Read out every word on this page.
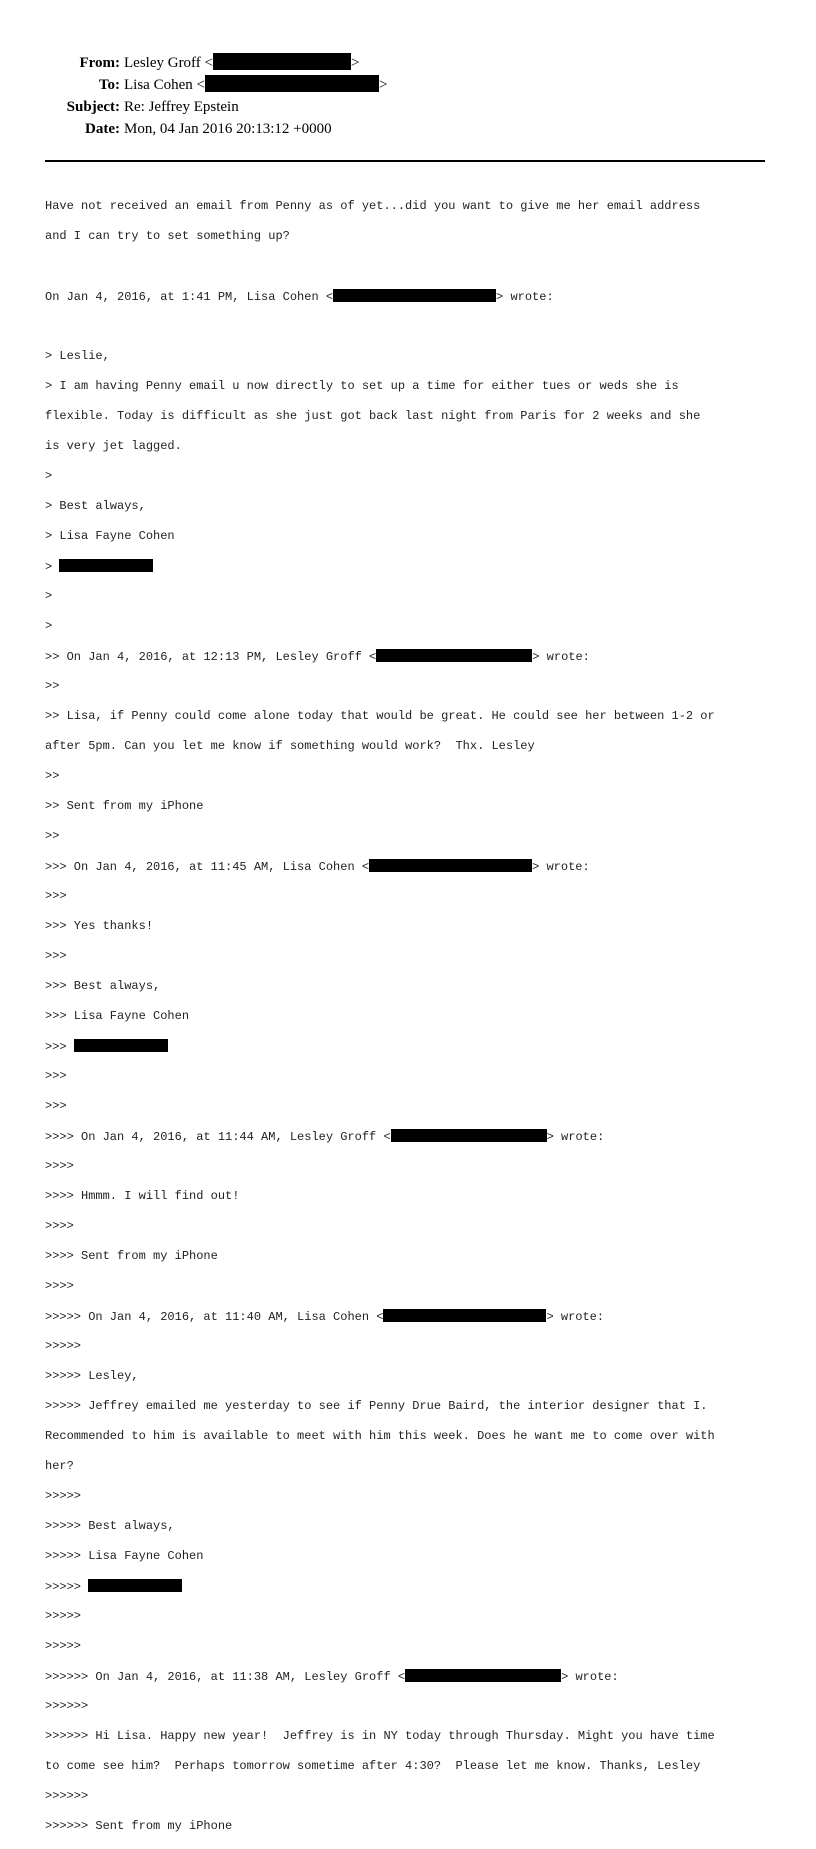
From: Lesley Groff <	>
To: Lisa Cohen <	>
Subject: Re: Jeffrey Epstein
Date: Mon, 04 Jan 2016 20:13:12 +0000

Have not received an email from Penny as of yet...did you want to give me her email address

and I can try to set something up?

On Jan 4, 2016, at 1:41 PM, Lisa Cohen <	> wrote:

> Leslie,

> I am having Penny email u now directly to set up a time for either tues or weds she is

flexible. Today is difficult as she just got back last night from Paris for 2 weeks and she

is very jet lagged.

>

> Best always,

> Lisa Fayne Cohen

>

>

>

>> On Jan 4, 2016, at 12:13 PM, Lesley Groff <	> wrote:

>>

>> Lisa, if Penny could come alone today that would be great. He could see her between 1-2 or

after 5pm. Can you let me know if something would work?  Thx. Lesley

>>

>> Sent from my iPhone

>>

>>> On Jan 4, 2016, at 11:45 AM, Lisa Cohen <	> wrote:

>>>

>>> Yes thanks!

>>>

>>> Best always,

>>> Lisa Fayne Cohen

>>>

>>>

>>>

>>>> On Jan 4, 2016, at 11:44 AM, Lesley Groff <	> wrote:

>>>>

>>>> Hmmm. I will find out!

>>>>

>>>> Sent from my iPhone

>>>>

>>>>> On Jan 4, 2016, at 11:40 AM, Lisa Cohen <	> wrote:

>>>>>

>>>>> Lesley,

>>>>> Jeffrey emailed me yesterday to see if Penny Drue Baird, the interior designer that I.

Recommended to him is available to meet with him this week. Does he want me to come over with

her?

>>>>>

>>>>> Best always,

>>>>> Lisa Fayne Cohen

>>>>>

>>>>>

>>>>>

>>>>>> On Jan 4, 2016, at 11:38 AM, Lesley Groff <	> wrote:

>>>>>>

>>>>>> Hi Lisa. Happy new year!  Jeffrey is in NY today through Thursday. Might you have time

to come see him?  Perhaps tomorrow sometime after 4:30?  Please let me know. Thanks, Lesley

>>>>>>

>>>>>> Sent from my iPhone
